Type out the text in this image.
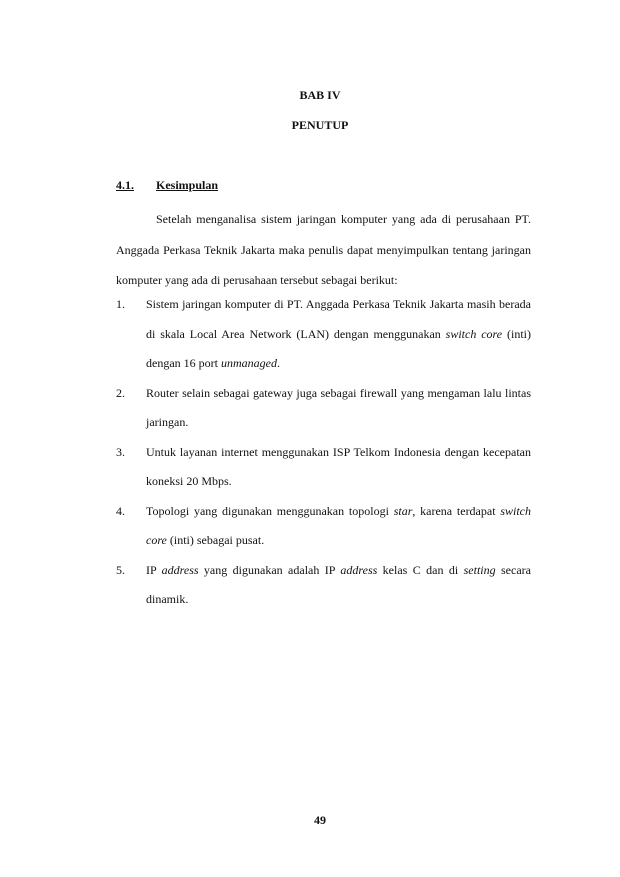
BAB IV
PENUTUP
4.1. Kesimpulan
Setelah menganalisa sistem jaringan komputer yang ada di perusahaan PT. Anggada Perkasa Teknik Jakarta maka penulis dapat menyimpulkan tentang jaringan komputer yang ada di perusahaan tersebut sebagai berikut:
1. Sistem jaringan komputer di PT. Anggada Perkasa Teknik Jakarta masih berada di skala Local Area Network (LAN) dengan menggunakan switch core (inti) dengan 16 port unmanaged.
2. Router selain sebagai gateway juga sebagai firewall yang mengaman lalu lintas jaringan.
3. Untuk layanan internet menggunakan ISP Telkom Indonesia dengan kecepatan koneksi 20 Mbps.
4. Topologi yang digunakan menggunakan topologi star, karena terdapat switch core (inti) sebagai pusat.
5. IP address yang digunakan adalah IP address kelas C dan di setting secara dinamik.
49
